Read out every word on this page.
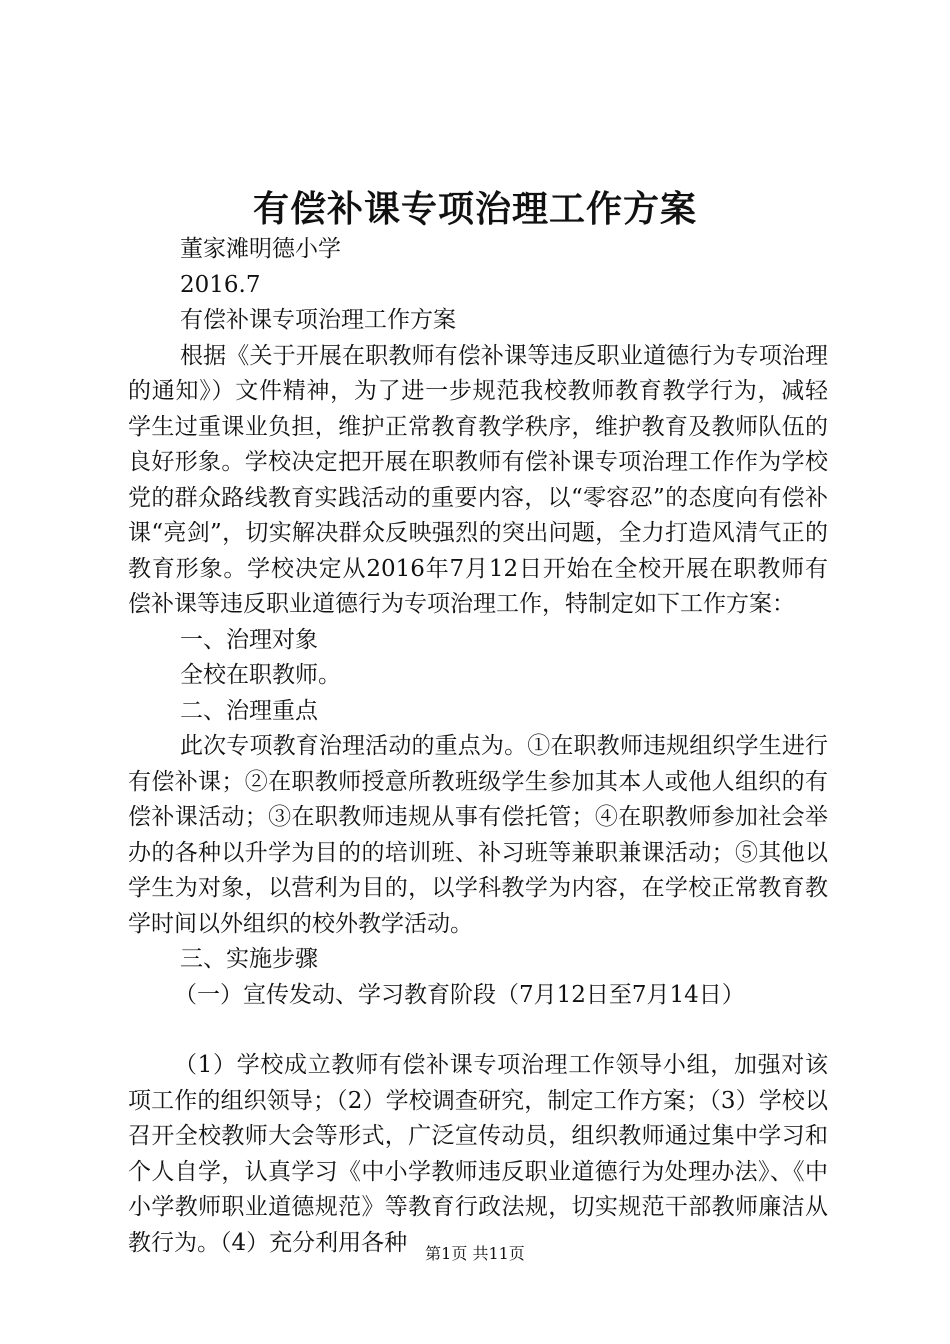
有偿补课专项治理工作方案
董家滩明德小学
2016.7
有偿补课专项治理工作方案
根据《关于开展在职教师有偿补课等违反职业道德行为专项治理的通知》）文件精神，为了进一步规范我校教师教育教学行为，减轻学生过重课业负担，维护正常教育教学秩序，维护教育及教师队伍的良好形象。学校决定把开展在职教师有偿补课专项治理工作作为学校党的群众路线教育实践活动的重要内容，以“零容忍”的态度向有偿补课“亮剑”，切实解决群众反映强烈的突出问题，全力打造风清气正的教育形象。学校决定从2016年7月12日开始在全校开展在职教师有偿补课等违反职业道德行为专项治理工作，特制定如下工作方案：
一、治理对象
全校在职教师。
二、治理重点
此次专项教育治理活动的重点为。①在职教师违规组织学生进行有偿补课；②在职教师授意所教班级学生参加其本人或他人组织的有偿补课活动；③在职教师违规从事有偿托管；④在职教师参加社会举办的各种以升学为目的的培训班、补习班等兼职兼课活动；⑤其他以学生为对象，以营利为目的，以学科教学为内容，在学校正常教育教学时间以外组织的校外教学活动。
三、实施步骤
（一）宣传发动、学习教育阶段（7月12日至7月14日）
（1）学校成立教师有偿补课专项治理工作领导小组，加强对该项工作的组织领导；（2）学校调查研究，制定工作方案；（3）学校以召开全校教师大会等形式，广泛宣传动员，组织教师通过集中学习和个人自学，认真学习《中小学教师违反职业道德行为处理办法》、《中小学教师职业道德规范》等教育行政法规，切实规范干部教师廉洁从教行为。（4）充分利用各种	第1页 共11页
